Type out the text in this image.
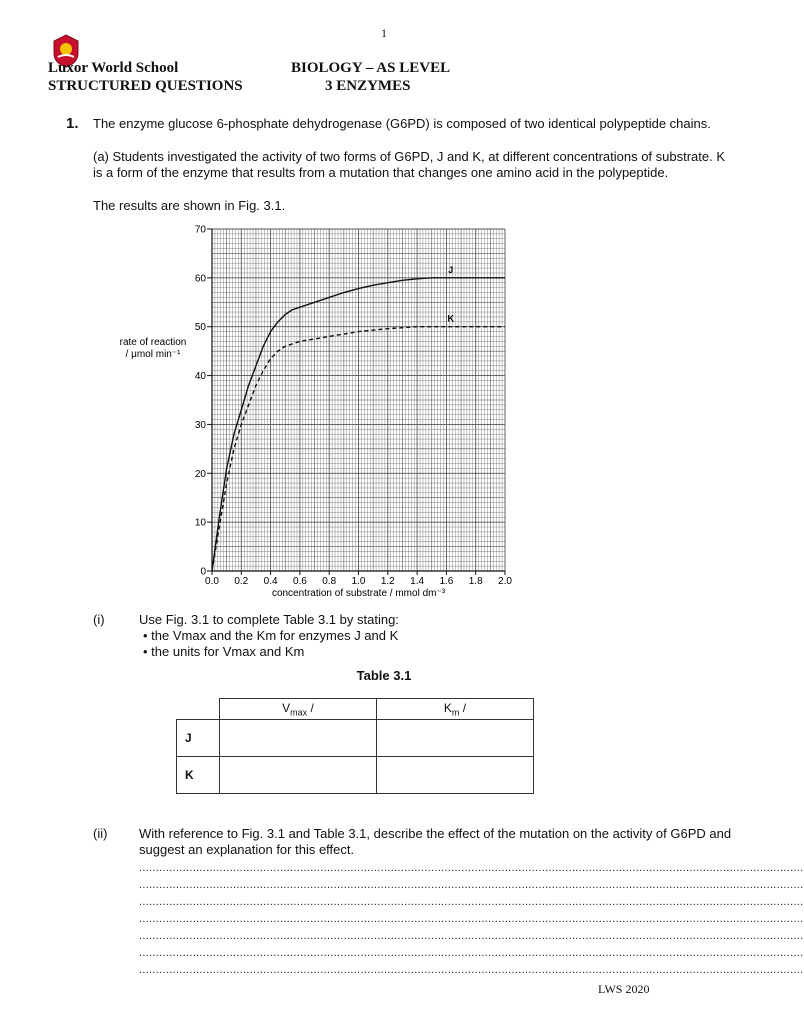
1
Luxor World School
STRUCTURED QUESTIONS
BIOLOGY – AS LEVEL
3 ENZYMES
1. The enzyme glucose 6-phosphate dehydrogenase (G6PD) is composed of two identical polypeptide chains.
(a) Students investigated the activity of two forms of G6PD, J and K, at different concentrations of substrate. K is a form of the enzyme that results from a mutation that changes one amino acid in the polypeptide.
The results are shown in Fig. 3.1.
0.0 0.2 0.4 0.6 0.8 1.0 1.2 1.4 1.6 1.8 2.0
0
10
20
30
40
50
60
70
concentration of substrate / mmol dm⁻³
rate of reaction
/ μmol min⁻¹
J
K
(i)	Use Fig. 3.1 to complete Table 3.1 by stating:
• the Vmax and the Km for enzymes J and K
• the units for Vmax and Km
Table 3.1
	$V_{max}$ /	$K_m$ /
J		
K		
(ii) With reference to Fig. 3.1 and Table 3.1, describe the effect of the mutation on the activity of G6PD and suggest an explanation for this effect.
......................................................................................................................................................................................................
......................................................................................................................................................................................................
......................................................................................................................................................................................................
......................................................................................................................................................................................................
......................................................................................................................................................................................................
......................................................................................................................................................................................................
......................................................................................................................................................................................................
LWS 2020
